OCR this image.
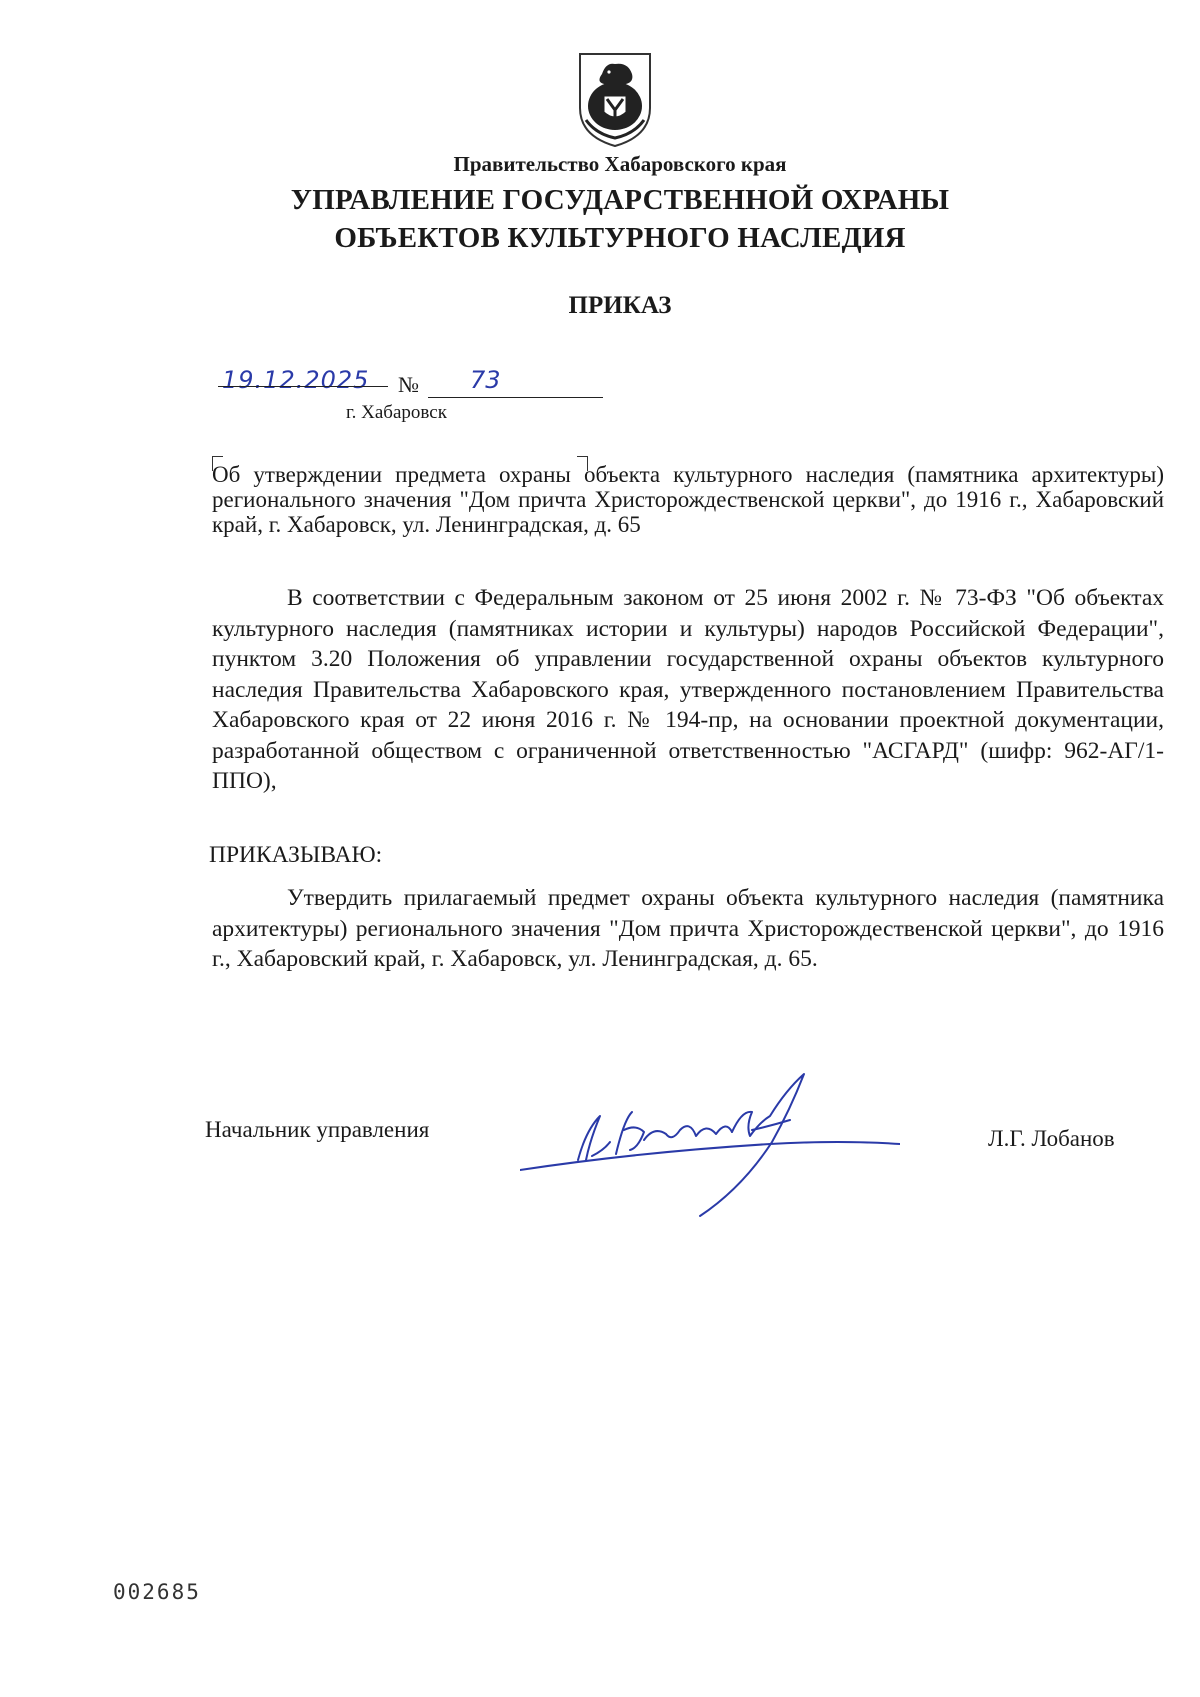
Правительство Хабаровского края
УПРАВЛЕНИЕ ГОСУДАРСТВЕННОЙ ОХРАНЫ
ОБЪЕКТОВ КУЛЬТУРНОГО НАСЛЕДИЯ
ПРИКАЗ
19.12.2025 № 73
г. Хабаровск
Об утверждении предмета охраны объекта культурного наследия (памятника архитектуры) регионального значения "Дом причта Христорождественской церкви", до 1916 г., Хабаровский край, г. Хабаровск, ул. Ленинградская, д. 65
В соответствии с Федеральным законом от 25 июня 2002 г. № 73-ФЗ "Об объектах культурного наследия (памятниках истории и культуры) народов Российской Федерации", пунктом 3.20 Положения об управлении государственной охраны объектов культурного наследия Правительства Хабаровского края, утвержденного постановлением Правительства Хабаровского края от 22 июня 2016 г. № 194-пр, на основании проектной документации, разработанной обществом с ограниченной ответственностью "АСГАРД" (шифр: 962-АГ/1-ППО),
ПРИКАЗЫВАЮ:
Утвердить прилагаемый предмет охраны объекта культурного наследия (памятника архитектуры) регионального значения "Дом причта Христорождественской церкви", до 1916 г., Хабаровский край, г. Хабаровск, ул. Ленинградская, д. 65.
Начальник управления	Л.Г. Лобанов
002685
